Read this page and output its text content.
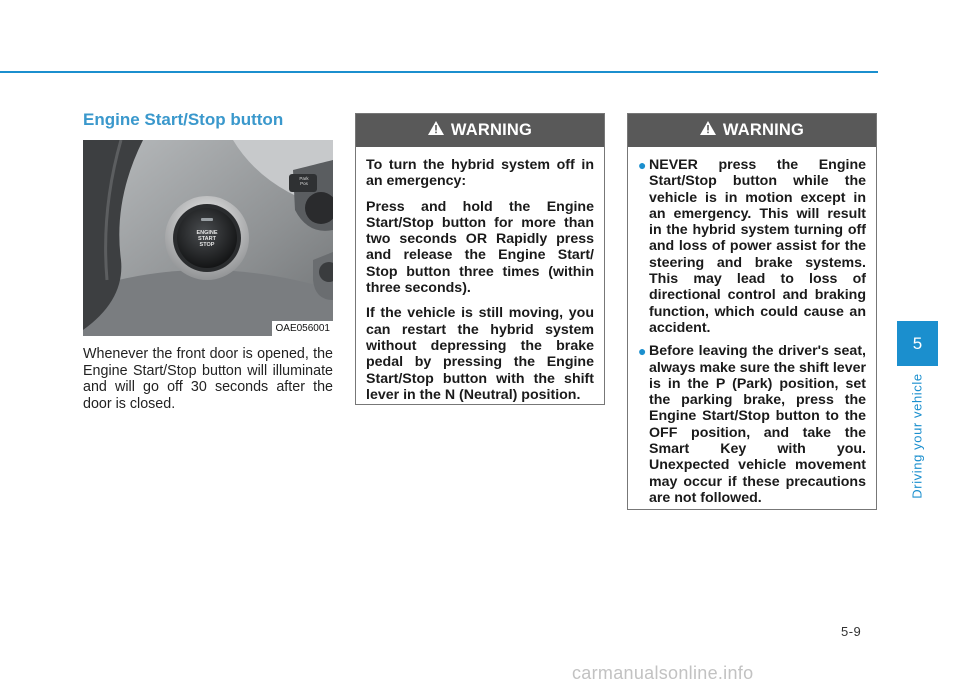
Engine Start/Stop button
ENGINE
START
STOP
Park
Pos
OAE056001

Whenever the front door is opened, the Engine Start/Stop button will illuminate and will go off 30 seconds after the door is closed.

WARNING

To turn the hybrid system off in an emergency:

Press and hold the Engine Start/Stop button for more than two seconds OR Rapidly press and release the Engine Start/ Stop button three times (within three seconds).

If the vehicle is still moving, you can restart the hybrid system without depressing the brake pedal by pressing the Engine Start/Stop button with the shift lever in the N (Neutral) position.

WARNING
● NEVER press the Engine Start/Stop button while the vehicle is in motion except in an emergency. This will result in the hybrid system turning off and loss of power assist for the steering and brake systems. This may lead to loss of directional control and braking function, which could cause an accident.
● Before leaving the driver's seat, always make sure the shift lever is in the P (Park) position, set the parking brake, press the Engine Start/Stop button to the OFF position, and take the Smart Key with you. Unexpected vehicle movement may occur if these precautions are not followed.
5
Driving your vehicle
5-9
carmanualsonline.info
